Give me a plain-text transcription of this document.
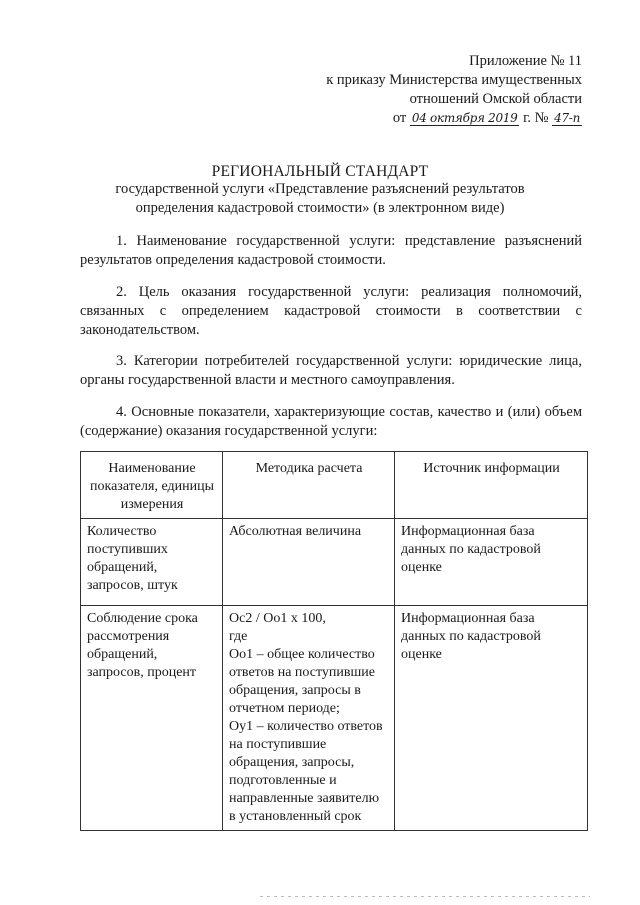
Приложение № 11
к приказу Министерства имущественных
отношений Омской области
от 04 октября 2019 г. № 47-п
РЕГИОНАЛЬНЫЙ СТАНДАРТ
государственной услуги «Представление разъяснений результатов определения кадастровой стоимости» (в электронном виде)
1. Наименование государственной услуги: представление разъяснений результатов определения кадастровой стоимости.
2. Цель оказания государственной услуги: реализация полномочий, связанных с определением кадастровой стоимости в соответствии с законодательством.
3. Категории потребителей государственной услуги: юридические лица, органы государственной власти и местного самоуправления.
4. Основные показатели, характеризующие состав, качество и (или) объем (содержание) оказания государственной услуги:
Наименование показателя, единицы измерения	Методика расчета	Источник информации
Количество поступивших обращений, запросов, штук	Абсолютная величина	Информационная база данных по кадастровой оценке
Соблюдение срока рассмотрения обращений, запросов, процент	Ос2 / Оо1 х 100,
где
Оо1 – общее количество ответов на поступившие обращения, запросы в отчетном периоде;
Оу1 – количество ответов на поступившие обращения, запросы, подготовленные и направленные заявителю в установленный срок	Информационная база данных по кадастровой оценке
